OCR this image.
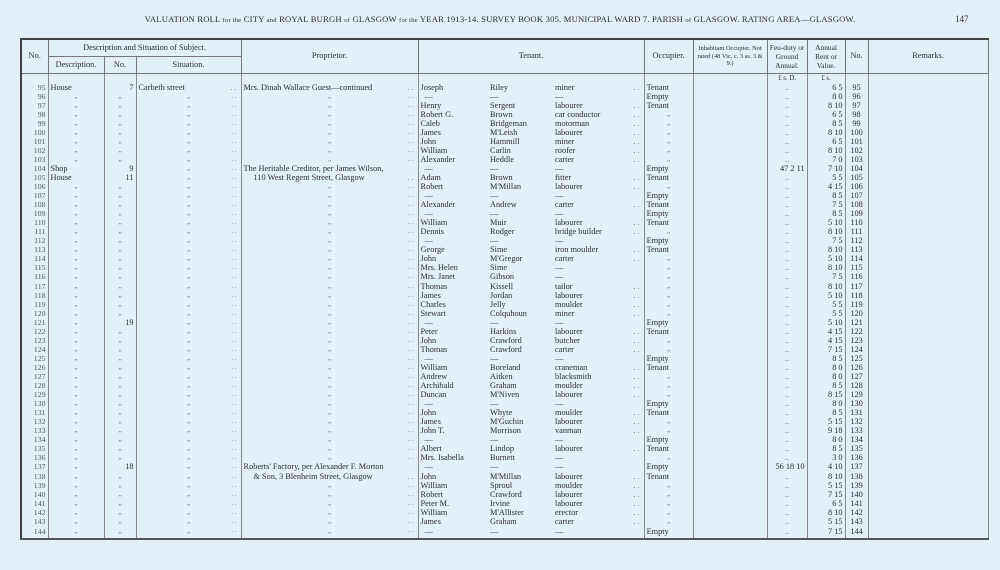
VALUATION ROLL for the CITY and ROYAL BURGH of GLASGOW for the YEAR 1913-14. SURVEY BOOK 305. MUNICIPAL WARD 7. PARISH of GLASGOW. RATING AREA—GLASGOW.	147
No.	Description and Situation of Subject.			Proprietor.	Tenant.				Occupier.	Inhabitant Occupier. Not rated (48 Vic. c. 3 ss. 3 & 9.)	Feu-duty or Ground Annual.	Annual Rent or Value.	No.	Remarks.
	Description.	No.	Situation.											
											£ s. D.	£ s.		
95	House	7	Carbeth street . .	Mrs. Dinah Wallace Guest—continued . .	Joseph	Riley	miner	. .	Tenant		..	6 5	95	
96	„	„	„ . .	„ . .	—	—	—		Empty		..	8 0	96	
97	„	„	„ . .	„ . .	Henry	Sergent	labourer	. .	Tenant		..	8 10	97	
98	„	„	„ . .	„ . .	Robert G.	Brown	car conductor	. .	„		..	6 5	98	
99	„	„	„ . .	„ . .	Caleb	Bridgeman	motorman	. .	„		..	8 5	99	
100	„	„	„ . .	„ . .	James	M'Leish	labourer	. .	„		..	8 10	100	
101	„	„	„ . .	„ . .	John	Hammill	miner	. .	„		..	6 5	101	
102	„	„	„ . .	„ . .	William	Carlin	roofer	. .	„		..	8 10	102	
103	„	„	„ . .	„ . .	Alexander	Heddle	carter	. .	„		..	7 0	103	
104	Shop	9	„ . .	The Heritable Creditor, per James Wilson,	—	—	—		Empty		47 2 11	7 10	104	
105	House	11	„ . .	110 West Regent Street, Glasgow . .	Adam	Brown	fitter	. .	Tenant		..	5 5	105	
106	„	„	„ . .	„ . .	Robert	M'Millan	labourer	. .	„		..	4 15	106	
107	„	„	„ . .	„ . .	—	—	—		Empty		..	8 5	107	
108	„	„	„ . .	„ . .	Alexander	Andrew	carter	. .	Tenant		..	7 5	108	
109	„	„	„ . .	„ . .	—	—	—		Empty		..	8 5	109	
110	„	„	„ . .	„ . .	William	Muir	labourer	. .	Tenant		..	5 10	110	
111	„	„	„ . .	„ . .	Dennis	Rodger	bridge builder	. .	„		..	8 10	111	
112	„	„	„ . .	„ . .	—	—	—		Empty		..	7 5	112	
113	„	„	„ . .	„ . .	George	Sime	iron moulder	. .	Tenant		..	8 10	113	
114	„	„	„ . .	„ . .	John	M'Gregor	carter	. .	„		..	5 10	114	
115	„	„	„ . .	„ . .	Mrs. Helen	Sime	—		„		..	8 10	115	
116	„	„	„ . .	„ . .	Mrs. Janet	Gibson	—		„		..	7 5	116	
117	„	„	„ . .	„ . .	Thomas	Kissell	tailor	. .	„		..	8 10	117	
118	„	„	„ . .	„ . .	James	Jordan	labourer	. .	„		..	5 10	118	
119	„	„	„ . .	„ . .	Charles	Jelly	moulder	. .	„		..	5 5	119	
120	„	„	„ . .	„ . .	Stewart	Colquhoun	miner	. .	„		..	5 5	120	
121	„	19	„ . .	„ . .	—	—	—		Empty		..	5 10	121	
122	„	„	„ . .	„ . .	Peter	Harkins	labourer	. .	Tenant		..	4 15	122	
123	„	„	„ . .	„ . .	John	Crawford	butcher	. .	„		..	4 15	123	
124	„	„	„ . .	„ . .	Thomas	Crawford	carter	. .	„		..	7 15	124	
125	„	„	„ . .	„ . .	—	—	—		Empty		..	8 5	125	
126	„	„	„ . .	„ . .	William	Boreland	craneman	. .	Tenant		..	8 0	126	
127	„	„	„ . .	„ . .	Andrew	Aitken	blacksmith	. .	„		..	8 0	127	
128	„	„	„ . .	„ . .	Archibald	Graham	moulder	. .	„		..	8 5	128	
129	„	„	„ . .	„ . .	Duncan	M'Niven	labourer	. .	„		..	8 15	129	
130	„	„	„ . .	„ . .	—	—	—		Empty		..	8 0	130	
131	„	„	„ . .	„ . .	John	Whyte	moulder	. .	Tenant		..	8 5	131	
132	„	„	„ . .	„ . .	James	M'Guchin	labourer	. .	„		..	5 15	132	
133	„	„	„ . .	„ . .	John T.	Morrison	vanman	. .	„		..	9 18	133	
134	„	„	„ . .	„ . .	—	—	—		Empty		..	8 0	134	
135	„	„	„ . .	„ . .	Albert	Lindop	labourer	. .	Tenant		..	8 5	135	
136	„	„	„ . .	„ . .	Mrs. Isabella	Burnett	—		„		..	3 0	136	
137	„	18	„ . .	Roberts' Factory, per Alexander F. Morton	—	—	—		Empty		56 18 10	4 10	137	
138	„	„	„ . .	& Son, 3 Blenheim Street, Glasgow . .	John	M'Millan	labourer	. .	Tenant		..	8 10	138	
139	„	„	„ . .	„ . .	William	Sproul	moulder	. .	„		..	5 15	139	
140	„	„	„ . .	„ . .	Robert	Crawford	labourer	. .	„		..	7 15	140	
141	„	„	„ . .	„ . .	Peter M.	Irvine	labourer	. .	„		..	6 5	141	
142	„	„	„ . .	„ . .	William	M'Allister	erector	. .	„		..	8 10	142	
143	„	„	„ . .	„ . .	James	Graham	carter	. .	„		..	5 15	143	
144	„	„	„ . .	„ . .	—	—	—		Empty		..	7 15	144	
